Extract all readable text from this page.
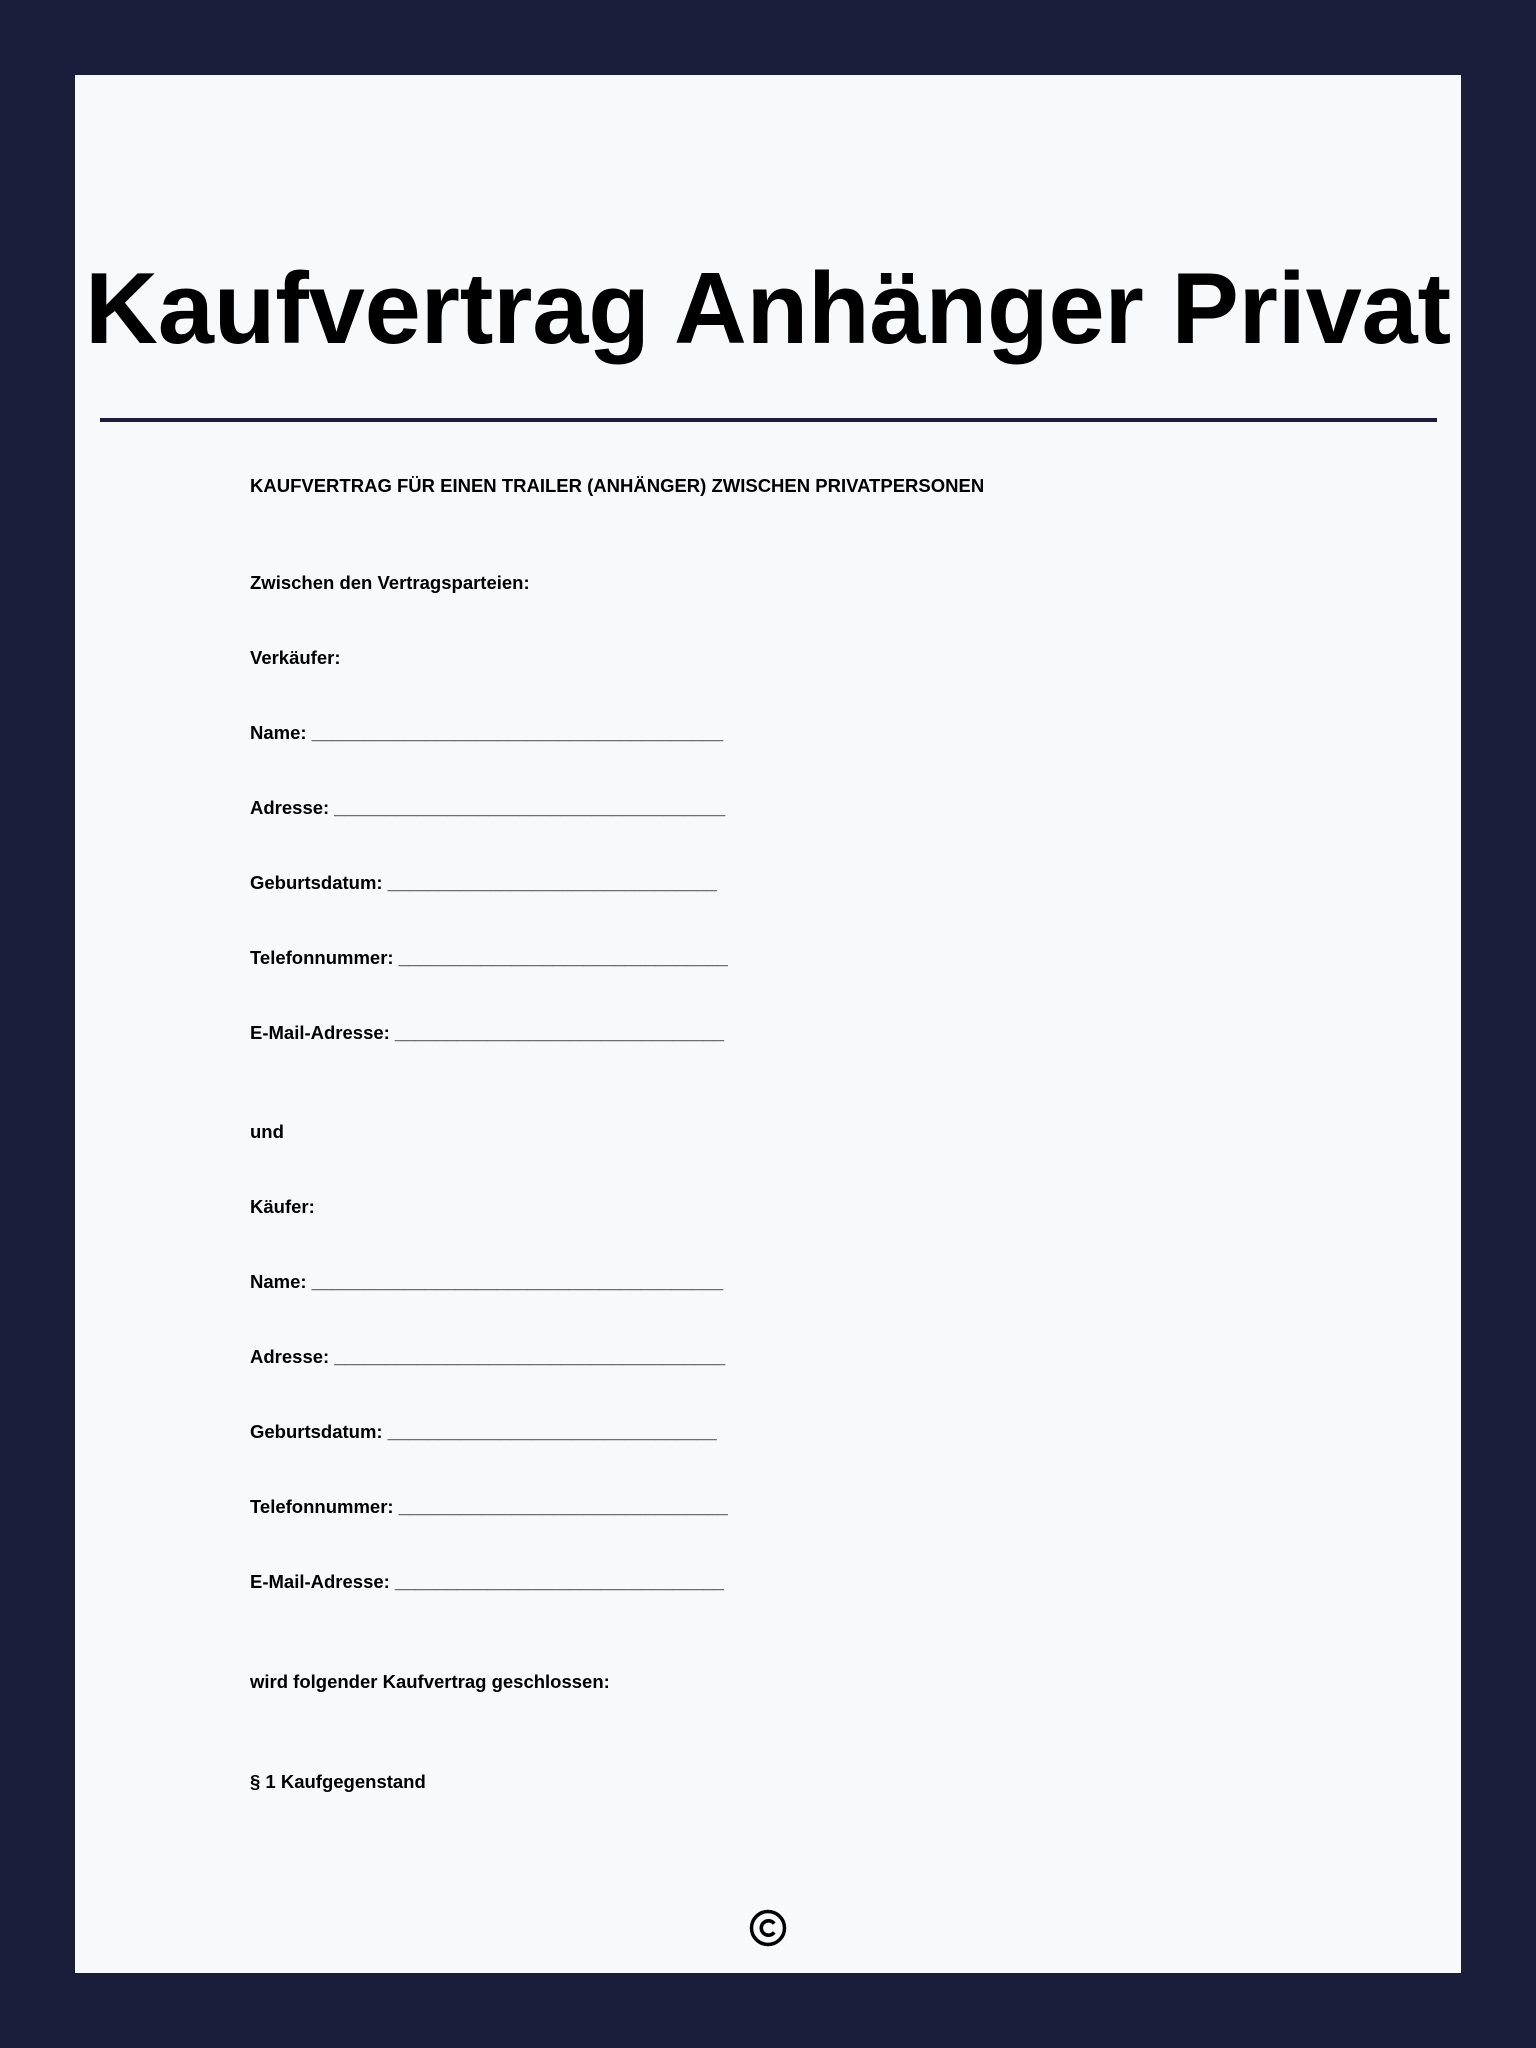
Kaufvertrag Anhänger Privat
KAUFVERTRAG FÜR EINEN TRAILER (ANHÄNGER) ZWISCHEN PRIVATPERSONEN
Zwischen den Vertragsparteien:
Verkäufer:
Name: ________________________________________
Adresse: ______________________________________
Geburtsdatum: ________________________________
Telefonnummer: ________________________________
E-Mail-Adresse: ________________________________
und
Käufer:
Name: ________________________________________
Adresse: ______________________________________
Geburtsdatum: ________________________________
Telefonnummer: ________________________________
E-Mail-Adresse: ________________________________
wird folgender Kaufvertrag geschlossen:
§ 1 Kaufgegenstand
